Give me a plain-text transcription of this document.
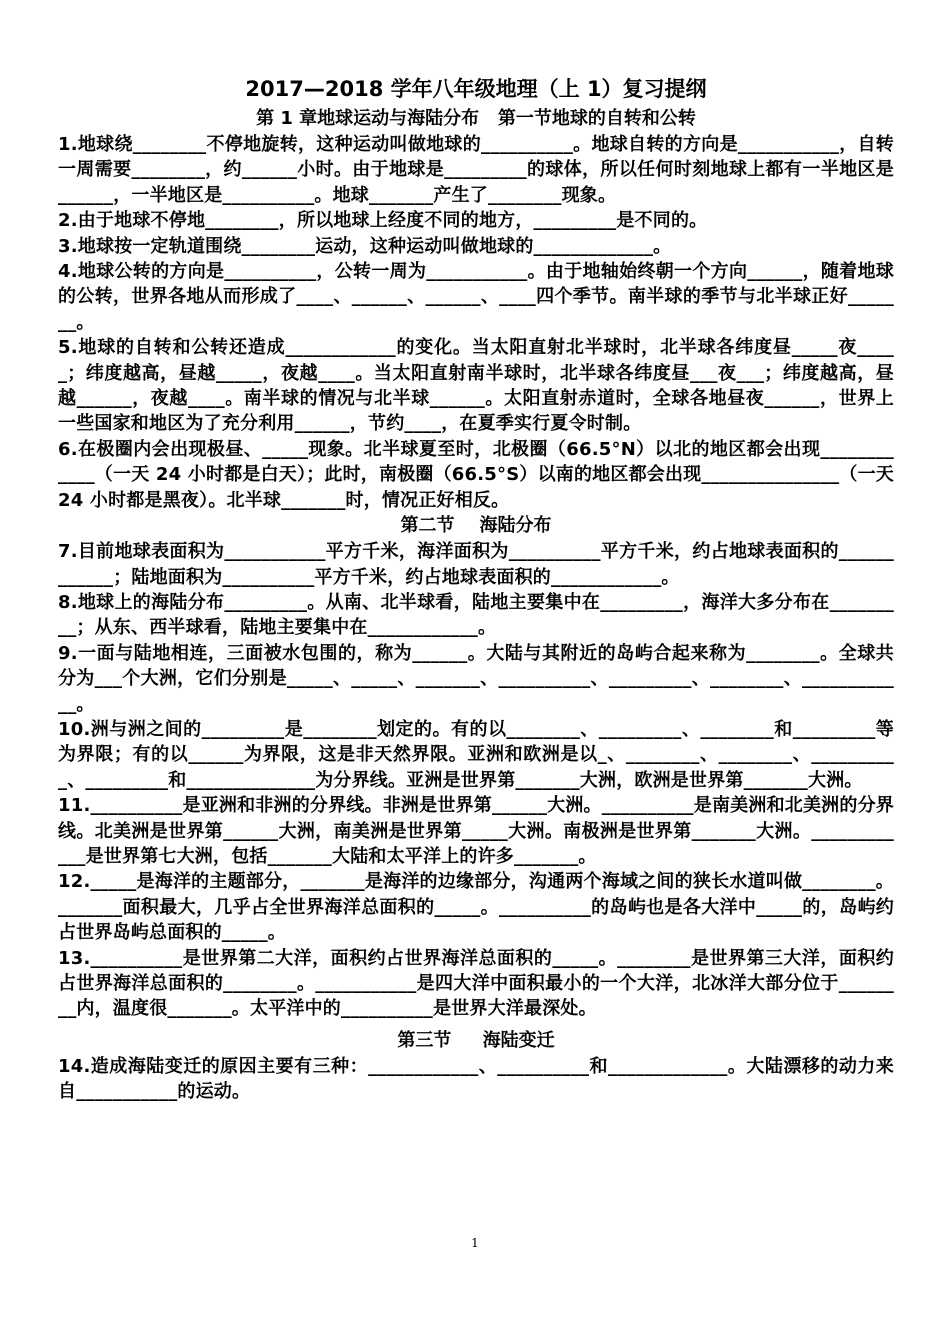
2017—2018 学年八年级地理（上 1）复习提纲
第 1 章地球运动与海陆分布   第一节地球的自转和公转
1.地球绕________不停地旋转，这种运动叫做地球的__________。地球自转的方向是___________，自转一周需要________，约______小时。由于地球是_________的球体，所以任何时刻地球上都有一半地区是______，一半地区是__________。地球_______产生了________现象。
2.由于地球不停地________，所以地球上经度不同的地方，_________是不同的。
3.地球按一定轨道围绕________运动，这种运动叫做地球的_____________。
4.地球公转的方向是__________，公转一周为___________。由于地轴始终朝一个方向______，随着地球的公转，世界各地从而形成了____、______、______、____四个季节。南半球的季节与北半球正好_______。
5.地球的自转和公转还造成____________的变化。当太阳直射北半球时，北半球各纬度昼_____夜_____；纬度越高，昼越_____，夜越____。当太阳直射南半球时，北半球各纬度昼___夜___；纬度越高，昼越______，夜越____。南半球的情况与北半球______。太阳直射赤道时，全球各地昼夜______，世界上一些国家和地区为了充分利用______，节约____，在夏季实行夏令时制。
6.在极圈内会出现极昼、_____现象。北半球夏至时，北极圈（66.5°N）以北的地区都会出现____________（一天 24 小时都是白天）；此时，南极圈（66.5°S）以南的地区都会出现_______________（一天 24 小时都是黑夜）。北半球_______时，情况正好相反。
第二节    海陆分布
7.目前地球表面积为___________平方千米，海洋面积为__________平方千米，约占地球表面积的____________；陆地面积为__________平方千米，约占地球表面积的____________。
8.地球上的海陆分布_________。从南、北半球看，陆地主要集中在_________，海洋大多分布在_________；从东、西半球看，陆地主要集中在____________。
9.一面与陆地相连，三面被水包围的，称为______。大陆与其附近的岛屿合起来称为________。全球共分为___个大洲，它们分别是_____、_____、_______、__________、_________、________、____________。
10.洲与洲之间的_________是________划定的。有的以________、_________、________和_________等为界限；有的以______为界限，这是非天然界限。亚洲和欧洲是以_、________、________、__________、_________和______________为分界线。亚洲是世界第_______大洲，欧洲是世界第_______大洲。
11.__________是亚洲和非洲的分界线。非洲是世界第______大洲。__________是南美洲和北美洲的分界线。北美洲是世界第______大洲，南美洲是世界第_____大洲。南极洲是世界第_______大洲。____________是世界第七大洲，包括_______大陆和太平洋上的许多_______。
12._____是海洋的主题部分，_______是海洋的边缘部分，沟通两个海域之间的狭长水道叫做________。_______面积最大，几乎占全世界海洋总面积的_____。__________的岛屿也是各大洋中_____的，岛屿约占世界岛屿总面积的_____。
13.__________是世界第二大洋，面积约占世界海洋总面积的_____。________是世界第三大洋，面积约占世界海洋总面积的________。___________是四大洋中面积最小的一个大洋，北冰洋大部分位于________内，温度很_______。太平洋中的__________是世界大洋最深处。
第三节     海陆变迁
14.造成海陆变迁的原因主要有三种：____________、__________和_____________。大陆漂移的动力来自___________的运动。
1
